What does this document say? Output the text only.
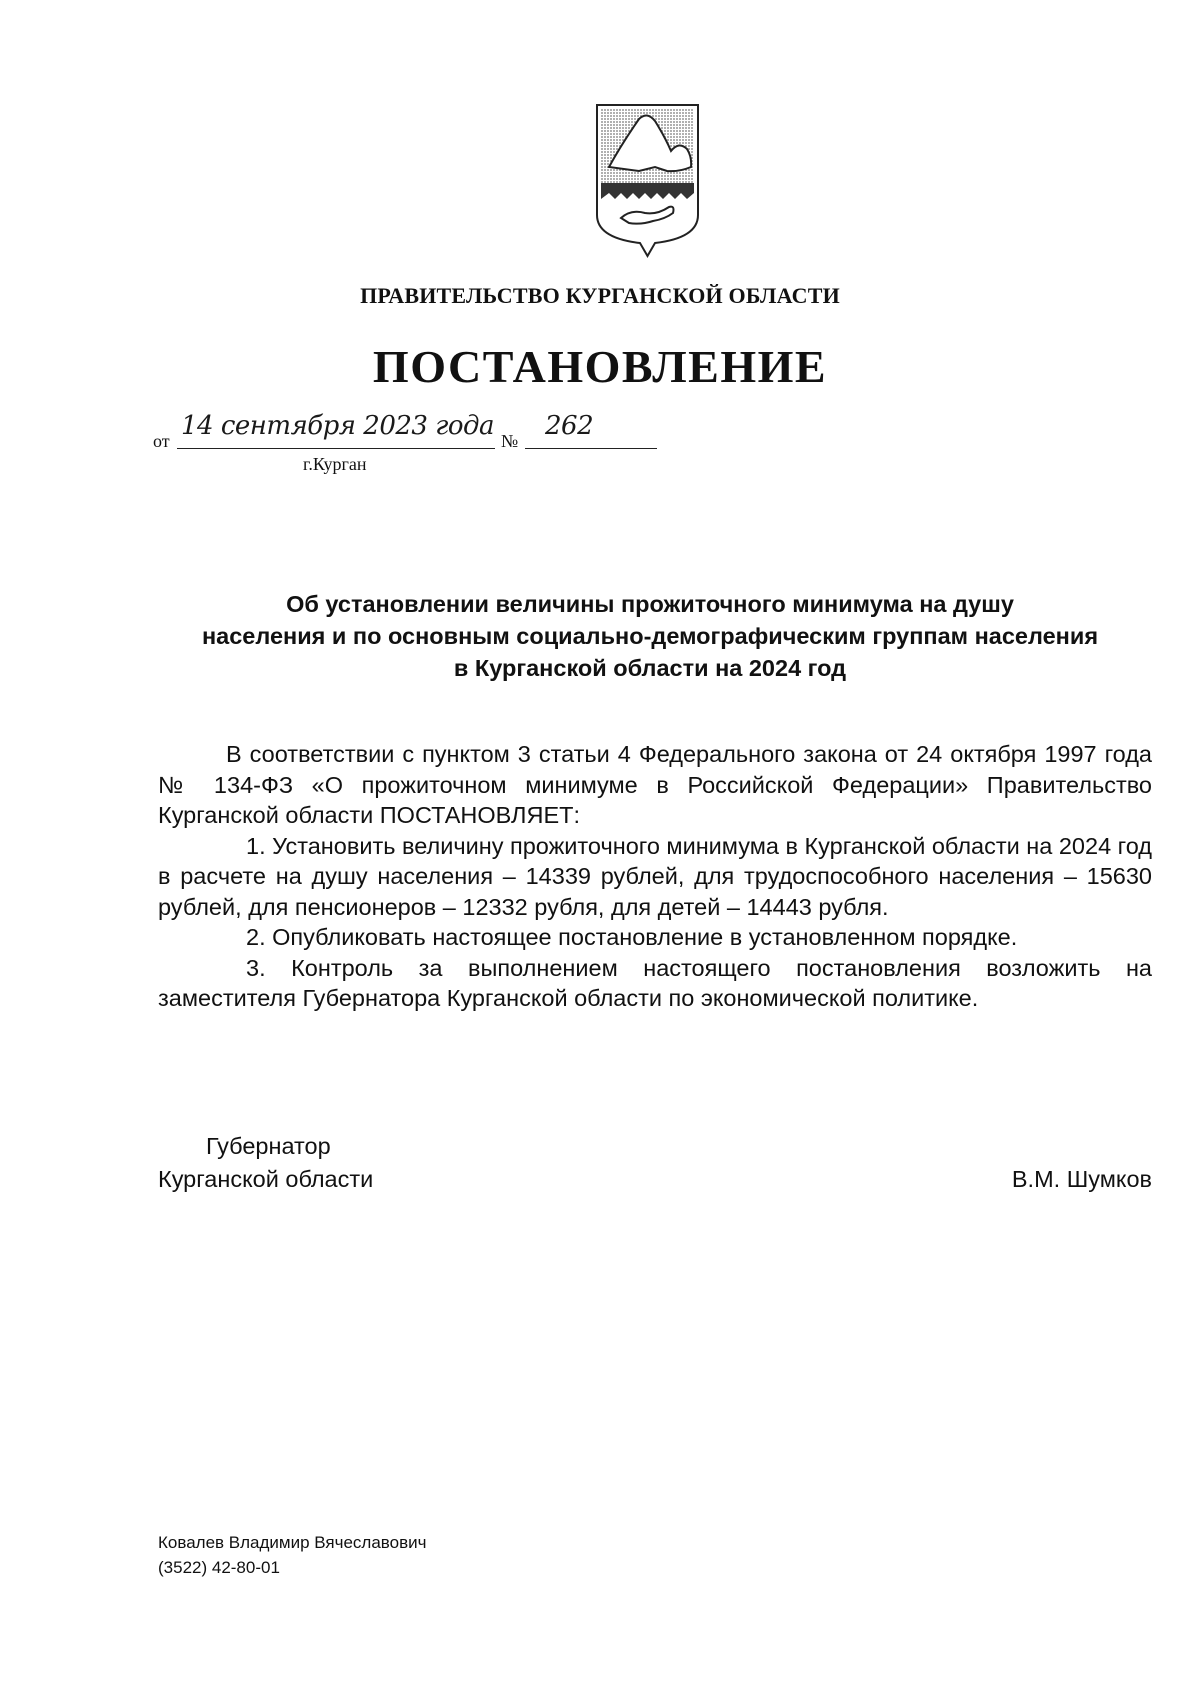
ПРАВИТЕЛЬСТВО КУРГАНСКОЙ ОБЛАСТИ
ПОСТАНОВЛЕНИЕ
от 14 сентября 2023 года № 262
г.Курган
Об установлении величины прожиточного минимума на душу
населения и по основным социально-демографическим группам населения
в Курганской области на 2024 год

В соответствии с пунктом 3 статьи 4 Федерального закона от 24 октября 1997 года № 134-ФЗ «О прожиточном минимуме в Российской Федерации» Правительство Курганской области ПОСТАНОВЛЯЕТ:

1. Установить величину прожиточного минимума в Курганской области на 2024 год в расчете на душу населения – 14339 рублей, для трудоспособного населения – 15630 рублей, для пенсионеров – 12332 рубля, для детей – 14443 рубля.

2. Опубликовать настоящее постановление в установленном порядке.

3. Контроль за выполнением настоящего постановления возложить на заместителя Губернатора Курганской области по экономической политике.

Губернатор
Курганской области	В.М. Шумков
Ковалев Владимир Вячеславович
(3522) 42-80-01
